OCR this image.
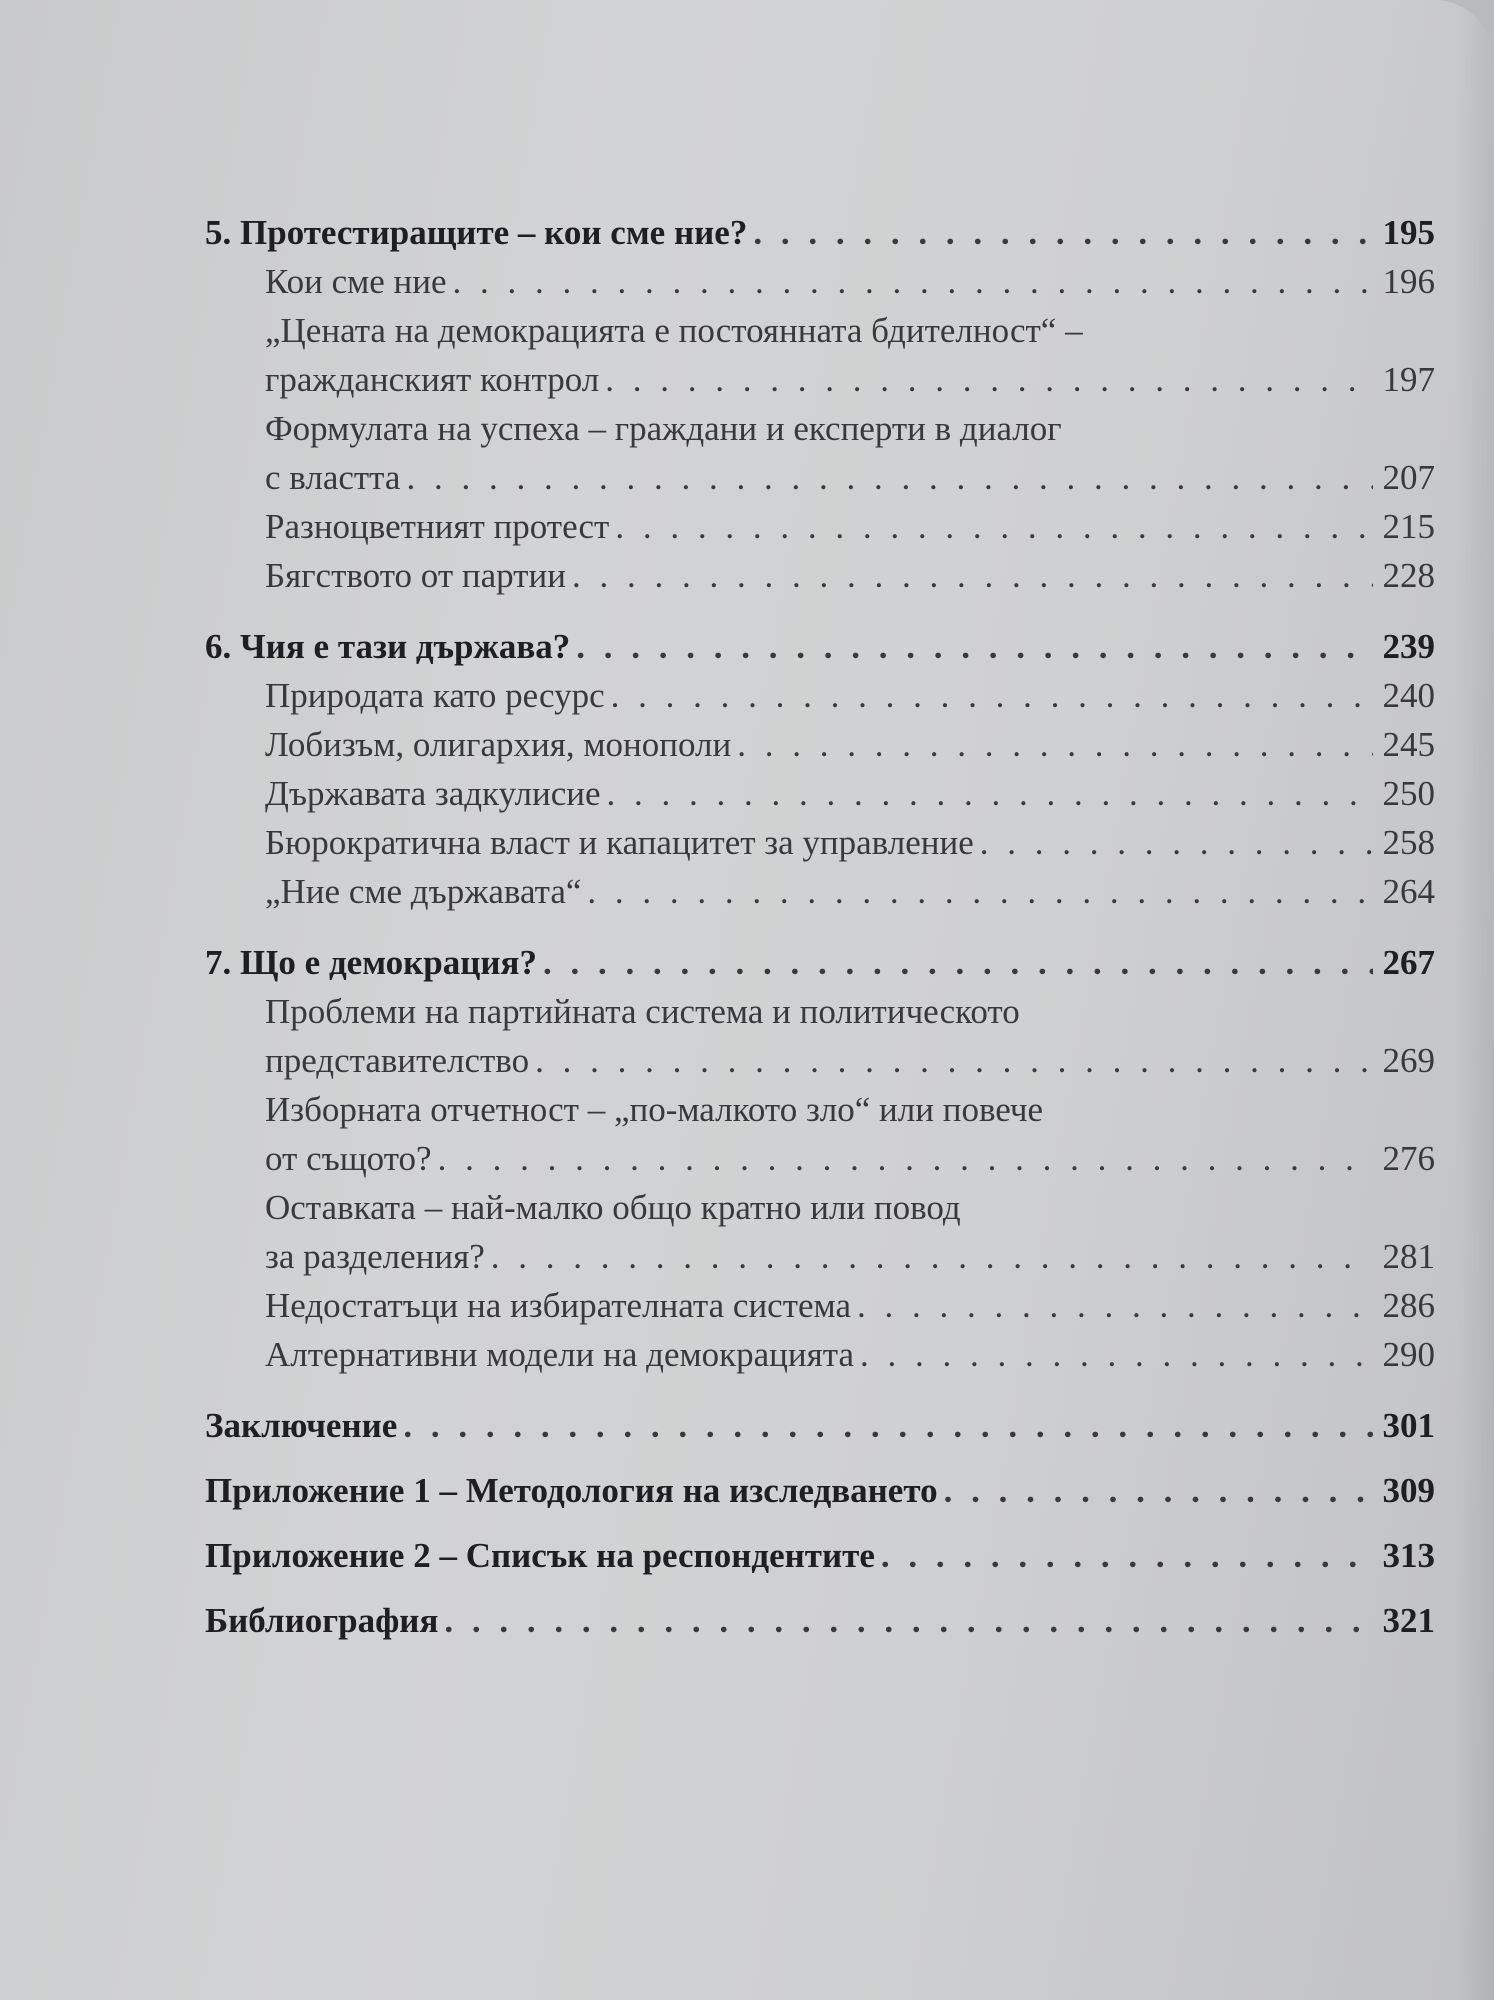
5. Протестиращите – кои сме ние? . . .	195
Кои сме ние . . .	196
„Цената на демокрацията е постоянната бдителност“ –
гражданският контрол . . .	197
Формулата на успеха – граждани и експерти в диалог
с властта . . .	207
Разноцветният протест . . .	215
Бягството от партии . . .	228
6. Чия е тази държава? . . .	239
Природата като ресурс . . .	240
Лобизъм, олигархия, монополи . . .	245
Държавата задкулисие . . .	250
Бюрократична власт и капацитет за управление . . .	258
„Ние сме държавата“ . . .	264
7. Що е демокрация? . . .	267
Проблеми на партийната система и политическото
представителство . . .	269
Изборната отчетност – „по-малкото зло“ или повече
от същото? . . .	276
Оставката – най-малко общо кратно или повод
за разделения? . . .	281
Недостатъци на избирателната система . . .	286
Алтернативни модели на демокрацията . . .	290
Заключение . . .	301
Приложение 1 – Методология на изследването . . .	309
Приложение 2 – Списък на респондентите . . .	313
Библиография . . .	321
